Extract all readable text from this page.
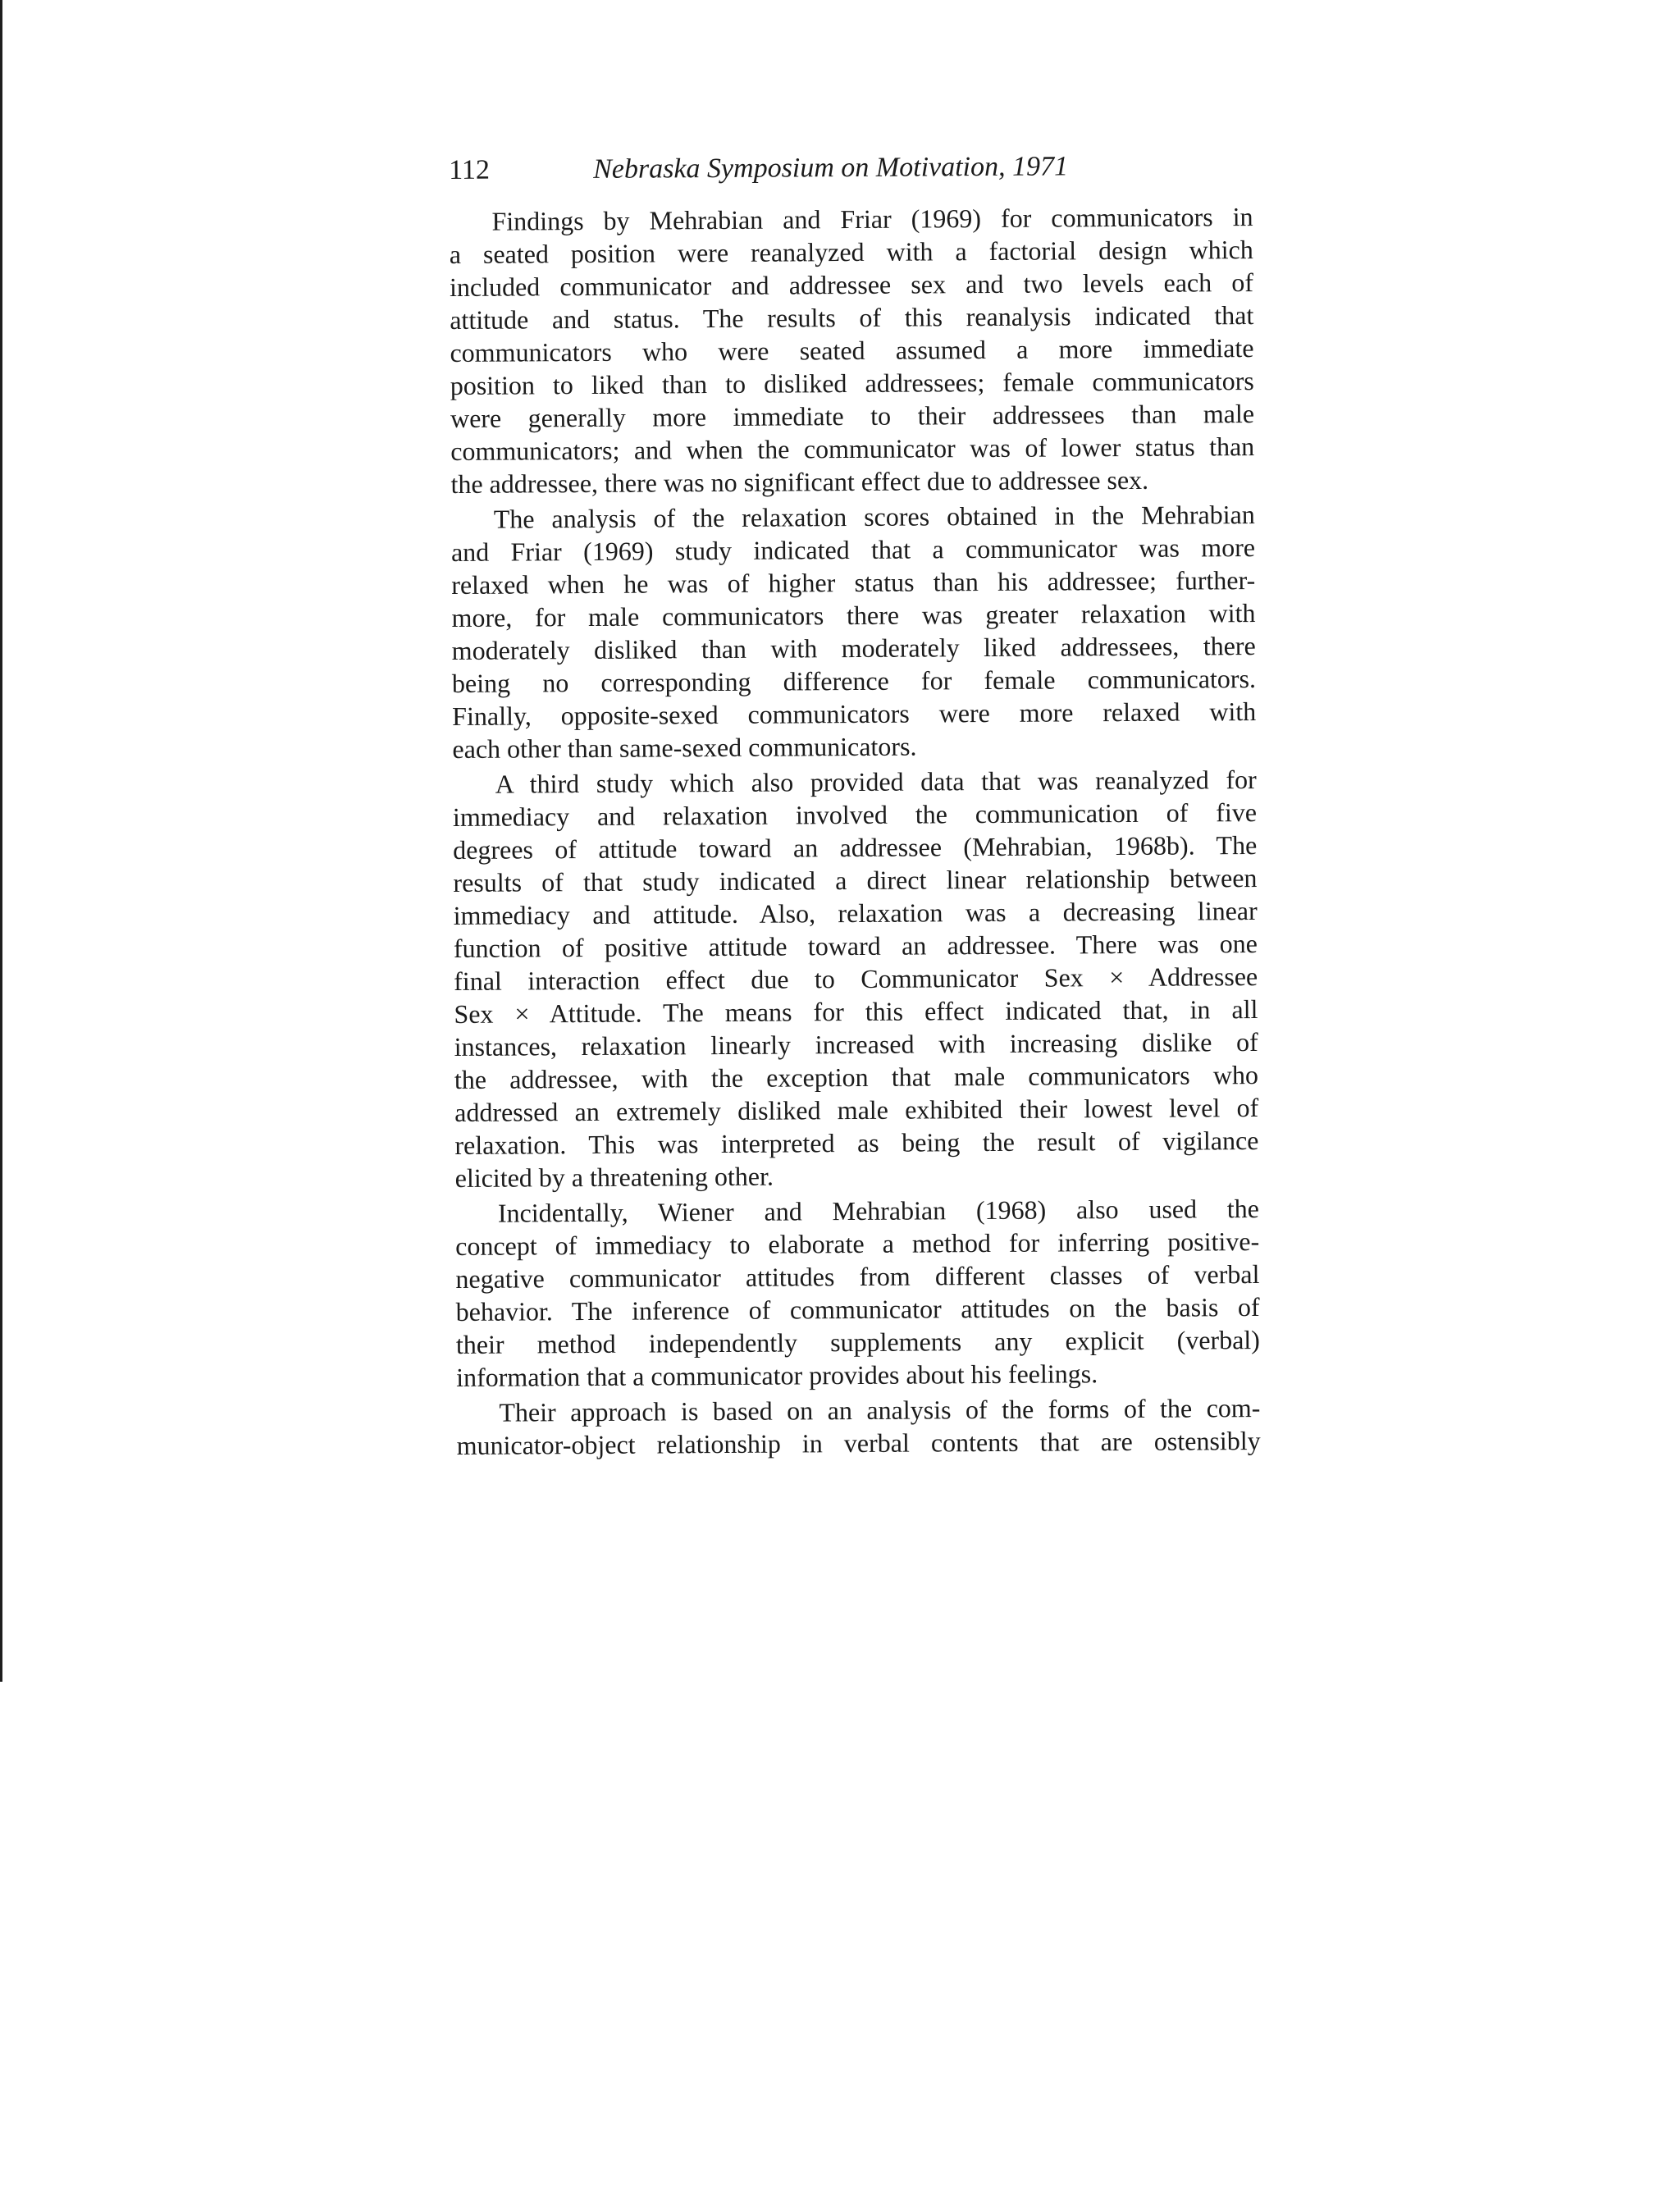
112	Nebraska Symposium on Motivation, 1971
Findings by Mehrabian and Friar (1969) for communicators in
a seated position were reanalyzed with a factorial design which
included communicator and addressee sex and two levels each of
attitude and status. The results of this reanalysis indicated that
communicators who were seated assumed a more immediate
position to liked than to disliked addressees; female communicators
were generally more immediate to their addressees than male
communicators; and when the communicator was of lower status than
the addressee, there was no significant effect due to addressee sex.
The analysis of the relaxation scores obtained in the Mehrabian
and Friar (1969) study indicated that a communicator was more
relaxed when he was of higher status than his addressee; further-
more, for male communicators there was greater relaxation with
moderately disliked than with moderately liked addressees, there
being no corresponding difference for female communicators.
Finally, opposite-sexed communicators were more relaxed with
each other than same-sexed communicators.
A third study which also provided data that was reanalyzed for
immediacy and relaxation involved the communication of five
degrees of attitude toward an addressee (Mehrabian, 1968b). The
results of that study indicated a direct linear relationship between
immediacy and attitude. Also, relaxation was a decreasing linear
function of positive attitude toward an addressee. There was one
final interaction effect due to Communicator Sex × Addressee
Sex × Attitude. The means for this effect indicated that, in all
instances, relaxation linearly increased with increasing dislike of
the addressee, with the exception that male communicators who
addressed an extremely disliked male exhibited their lowest level of
relaxation. This was interpreted as being the result of vigilance
elicited by a threatening other.
Incidentally, Wiener and Mehrabian (1968) also used the
concept of immediacy to elaborate a method for inferring positive-
negative communicator attitudes from different classes of verbal
behavior. The inference of communicator attitudes on the basis of
their method independently supplements any explicit (verbal)
information that a communicator provides about his feelings.
Their approach is based on an analysis of the forms of the com-
municator-object relationship in verbal contents that are ostensibly
